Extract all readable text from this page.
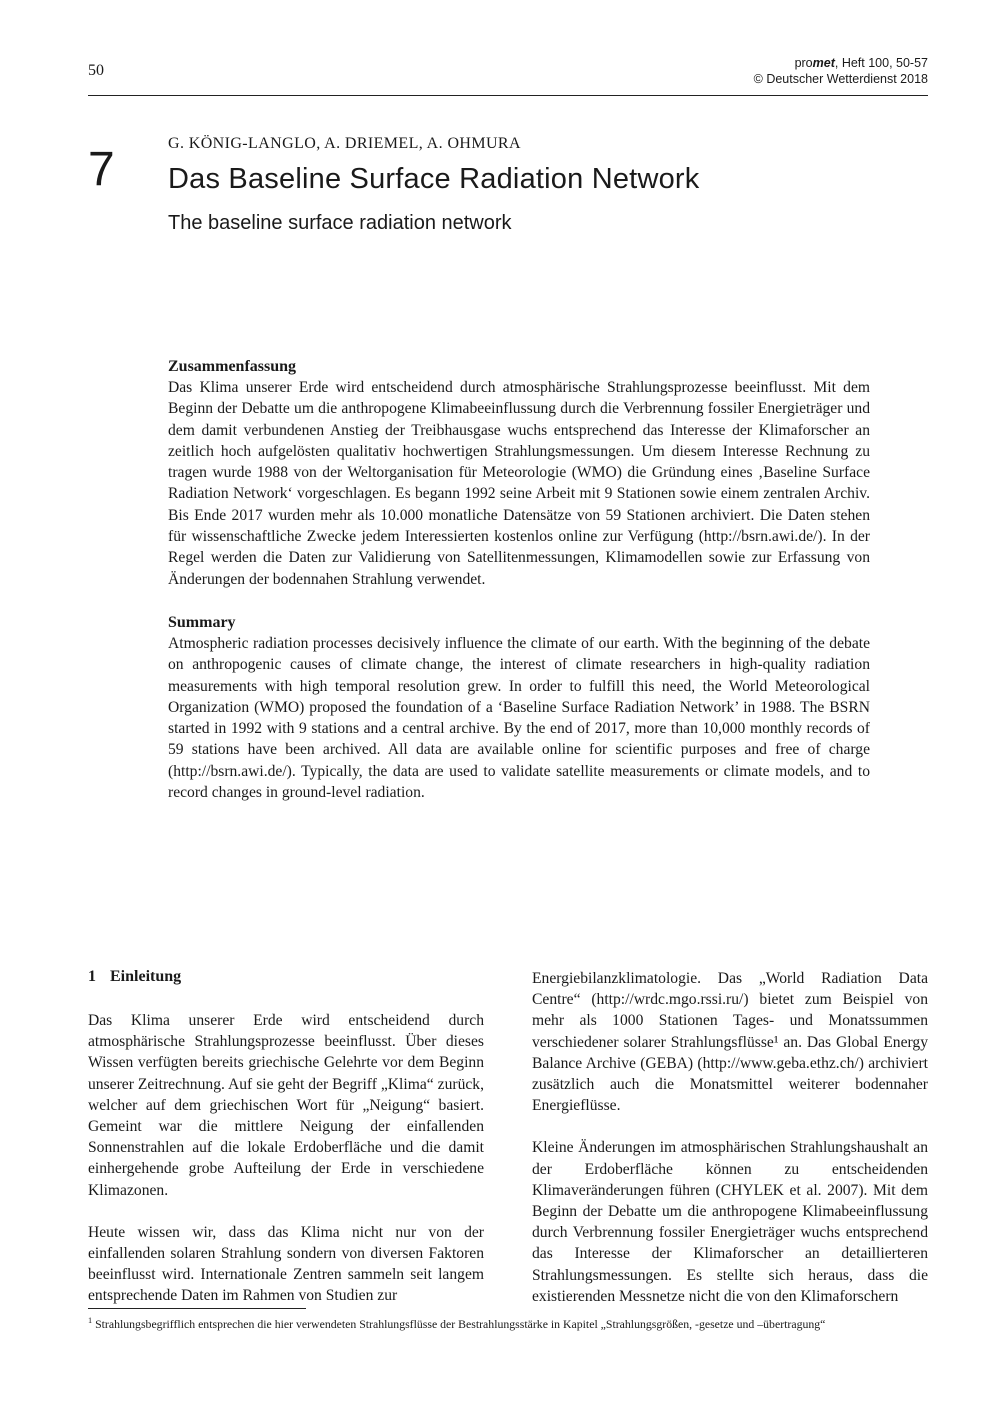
50	promet, Heft 100, 50-57
© Deutscher Wetterdienst 2018
7	G. KÖNIG-LANGLO, A. DRIEMEL, A. OHMURA
Das Baseline Surface Radiation Network
The baseline surface radiation network
Zusammenfassung

Das Klima unserer Erde wird entscheidend durch atmosphärische Strahlungsprozesse beeinflusst. Mit dem Beginn der Debatte um die anthropogene Klimabeeinflussung durch die Verbrennung fossiler Energieträger und dem damit verbundenen Anstieg der Treibhausgase wuchs entsprechend das Interesse der Klimaforscher an zeitlich hoch aufgelösten qualitativ hochwertigen Strahlungsmessungen. Um diesem Interesse Rechnung zu tragen wurde 1988 von der Weltorganisation für Meteorologie (WMO) die Gründung eines ‚Baseline Surface Radiation Network‘ vorgeschlagen. Es begann 1992 seine Arbeit mit 9 Stationen sowie einem zentralen Archiv. Bis Ende 2017 wurden mehr als 10.000 monatliche Datensätze von 59 Stationen archiviert. Die Daten stehen für wissenschaftliche Zwecke jedem Interessierten kostenlos online zur Verfügung (http://bsrn.awi.de/). In der Regel werden die Daten zur Validierung von Satellitenmessungen, Klimamodellen sowie zur Erfassung von Änderungen der bodennahen Strahlung verwendet.

Summary

Atmospheric radiation processes decisively influence the climate of our earth. With the beginning of the debate on anthropogenic causes of climate change, the interest of climate researchers in high-quality radiation measurements with high temporal resolution grew. In order to fulfill this need, the World Meteorological Organization (WMO) proposed the foundation of a ‘Baseline Surface Radiation Network’ in 1988. The BSRN started in 1992 with 9 stations and a central archive. By the end of 2017, more than 10,000 monthly records of 59 stations have been archived. All data are available online for scientific purposes and free of charge (http://bsrn.awi.de/). Typically, the data are used to validate satellite measurements or climate models, and to record changes in ground-level radiation.

1 Einleitung

Das Klima unserer Erde wird entscheidend durch atmosphärische Strahlungsprozesse beeinflusst. Über dieses Wissen verfügten bereits griechische Gelehrte vor dem Beginn unserer Zeitrechnung. Auf sie geht der Begriff „Klima“ zurück, welcher auf dem griechischen Wort für „Neigung“ basiert. Gemeint war die mittlere Neigung der einfallenden Sonnenstrahlen auf die lokale Erdoberfläche und die damit einhergehende grobe Aufteilung der Erde in verschiedene Klimazonen.

Heute wissen wir, dass das Klima nicht nur von der einfallenden solaren Strahlung sondern von diversen Faktoren beeinflusst wird. Internationale Zentren sammeln seit langem entsprechende Daten im Rahmen von Studien zur

Energiebilanzklimatologie. Das „World Radiation Data Centre“ (http://wrdc.mgo.rssi.ru/) bietet zum Beispiel von mehr als 1000 Stationen Tages- und Monatssummen verschiedener solarer Strahlungsflüsse¹ an. Das Global Energy Balance Archive (GEBA) (http://www.geba.ethz.ch/) archiviert zusätzlich auch die Monatsmittel weiterer bodennaher Energieflüsse.

Kleine Änderungen im atmosphärischen Strahlungshaushalt an der Erdoberfläche können zu entscheidenden Klimaveränderungen führen (CHYLEK et al. 2007). Mit dem Beginn der Debatte um die anthropogene Klimabeeinflussung durch Verbrennung fossiler Energieträger wuchs entsprechend das Interesse der Klimaforscher an detaillierteren Strahlungsmessungen. Es stellte sich heraus, dass die existierenden Messnetze nicht die von den Klimaforschern

$^1$ Strahlungsbegrifflich entsprechen die hier verwendeten Strahlungsflüsse der Bestrahlungsstärke in Kapitel „Strahlungsgrößen, -gesetze und –übertragung“
